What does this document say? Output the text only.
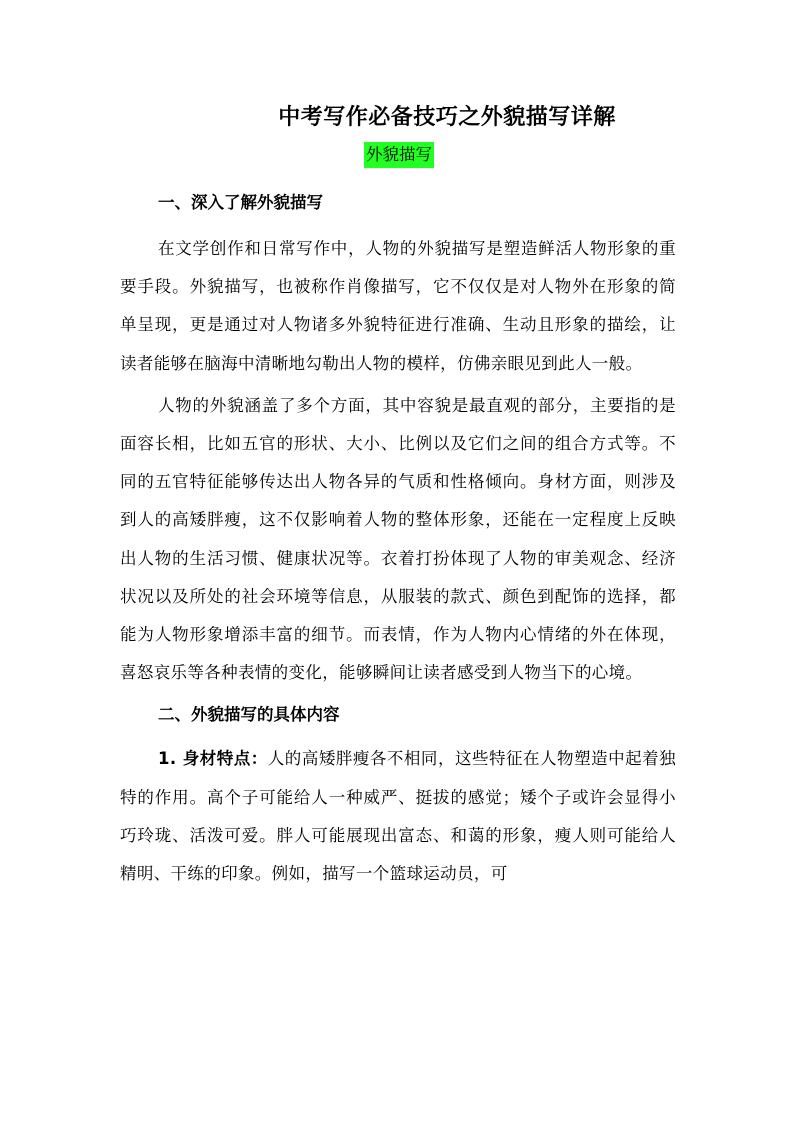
中考写作必备技巧之外貌描写详解
外貌描写
一、深入了解外貌描写

在文学创作和日常写作中，人物的外貌描写是塑造鲜活人物形象的重要手段。外貌描写，也被称作肖像描写，它不仅仅是对人物外在形象的简单呈现，更是通过对人物诸多外貌特征进行准确、生动且形象的描绘，让读者能够在脑海中清晰地勾勒出人物的模样，仿佛亲眼见到此人一般。

人物的外貌涵盖了多个方面，其中容貌是最直观的部分，主要指的是面容长相，比如五官的形状、大小、比例以及它们之间的组合方式等。不同的五官特征能够传达出人物各异的气质和性格倾向。身材方面，则涉及到人的高矮胖瘦，这不仅影响着人物的整体形象，还能在一定程度上反映出人物的生活习惯、健康状况等。衣着打扮体现了人物的审美观念、经济状况以及所处的社会环境等信息，从服装的款式、颜色到配饰的选择，都能为人物形象增添丰富的细节。而表情，作为人物内心情绪的外在体现，喜怒哀乐等各种表情的变化，能够瞬间让读者感受到人物当下的心境。

二、外貌描写的具体内容

1. 身材特点：人的高矮胖瘦各不相同，这些特征在人物塑造中起着独特的作用。高个子可能给人一种威严、挺拔的感觉；矮个子或许会显得小巧玲珑、活泼可爱。胖人可能展现出富态、和蔼的形象，瘦人则可能给人精明、干练的印象。例如，描写一个篮球运动员，可
